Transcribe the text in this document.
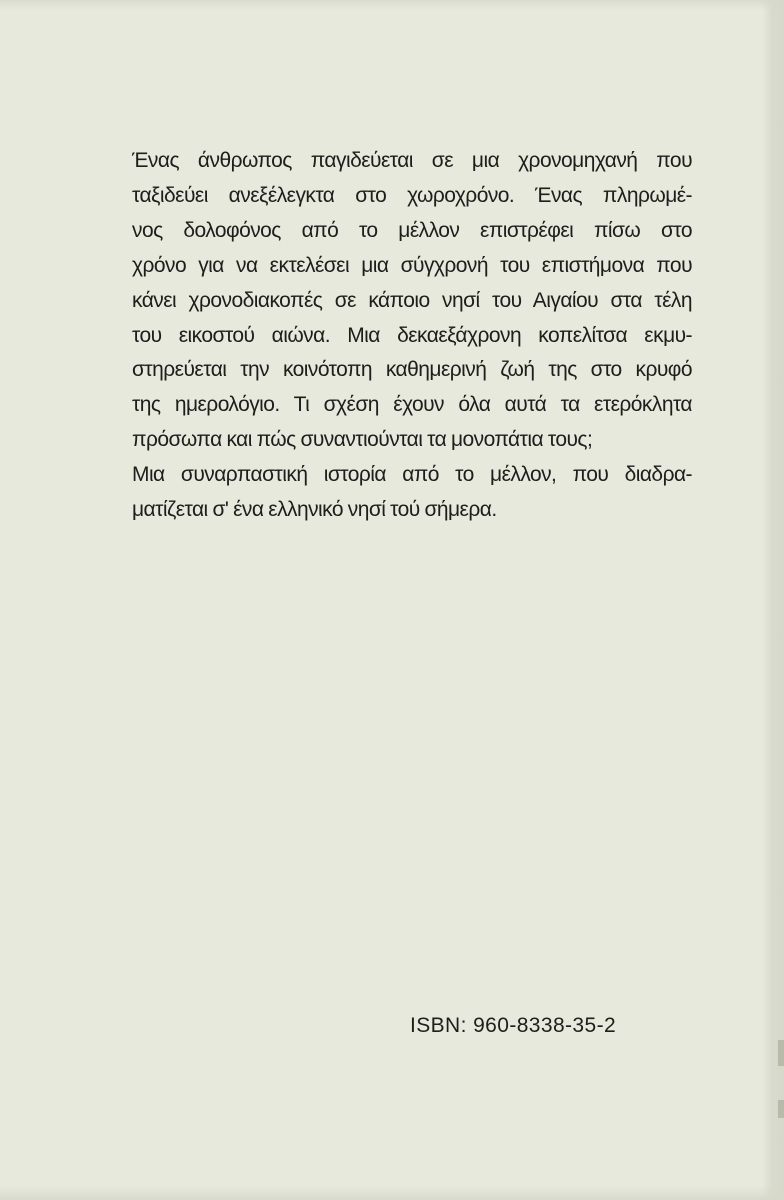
Ένας άνθρωπος παγιδεύεται σε μια χρονομηχανή που
ταξιδεύει ανεξέλεγκτα στο χωροχρόνο. Ένας πληρωμέ-
νος δολοφόνος από το μέλλον επιστρέφει πίσω στο
χρόνο για να εκτελέσει μια σύγχρονή του επιστήμονα που
κάνει χρονοδιακοπές σε κάποιο νησί του Αιγαίου στα τέλη
του εικοστού αιώνα. Μια δεκαεξάχρονη κοπελίτσα εκμυ-
στηρεύεται την κοινότοπη καθημερινή ζωή της στο κρυφό
της ημερολόγιο. Τι σχέση έχουν όλα αυτά τα ετερόκλητα
πρόσωπα και πώς συναντιούνται τα μονοπάτια τους;
Μια συναρπαστική ιστορία από το μέλλον, που διαδρα-
ματίζεται σ' ένα ελληνικό νησί τού σήμερα.

ISBN: 960-8338-35-2
